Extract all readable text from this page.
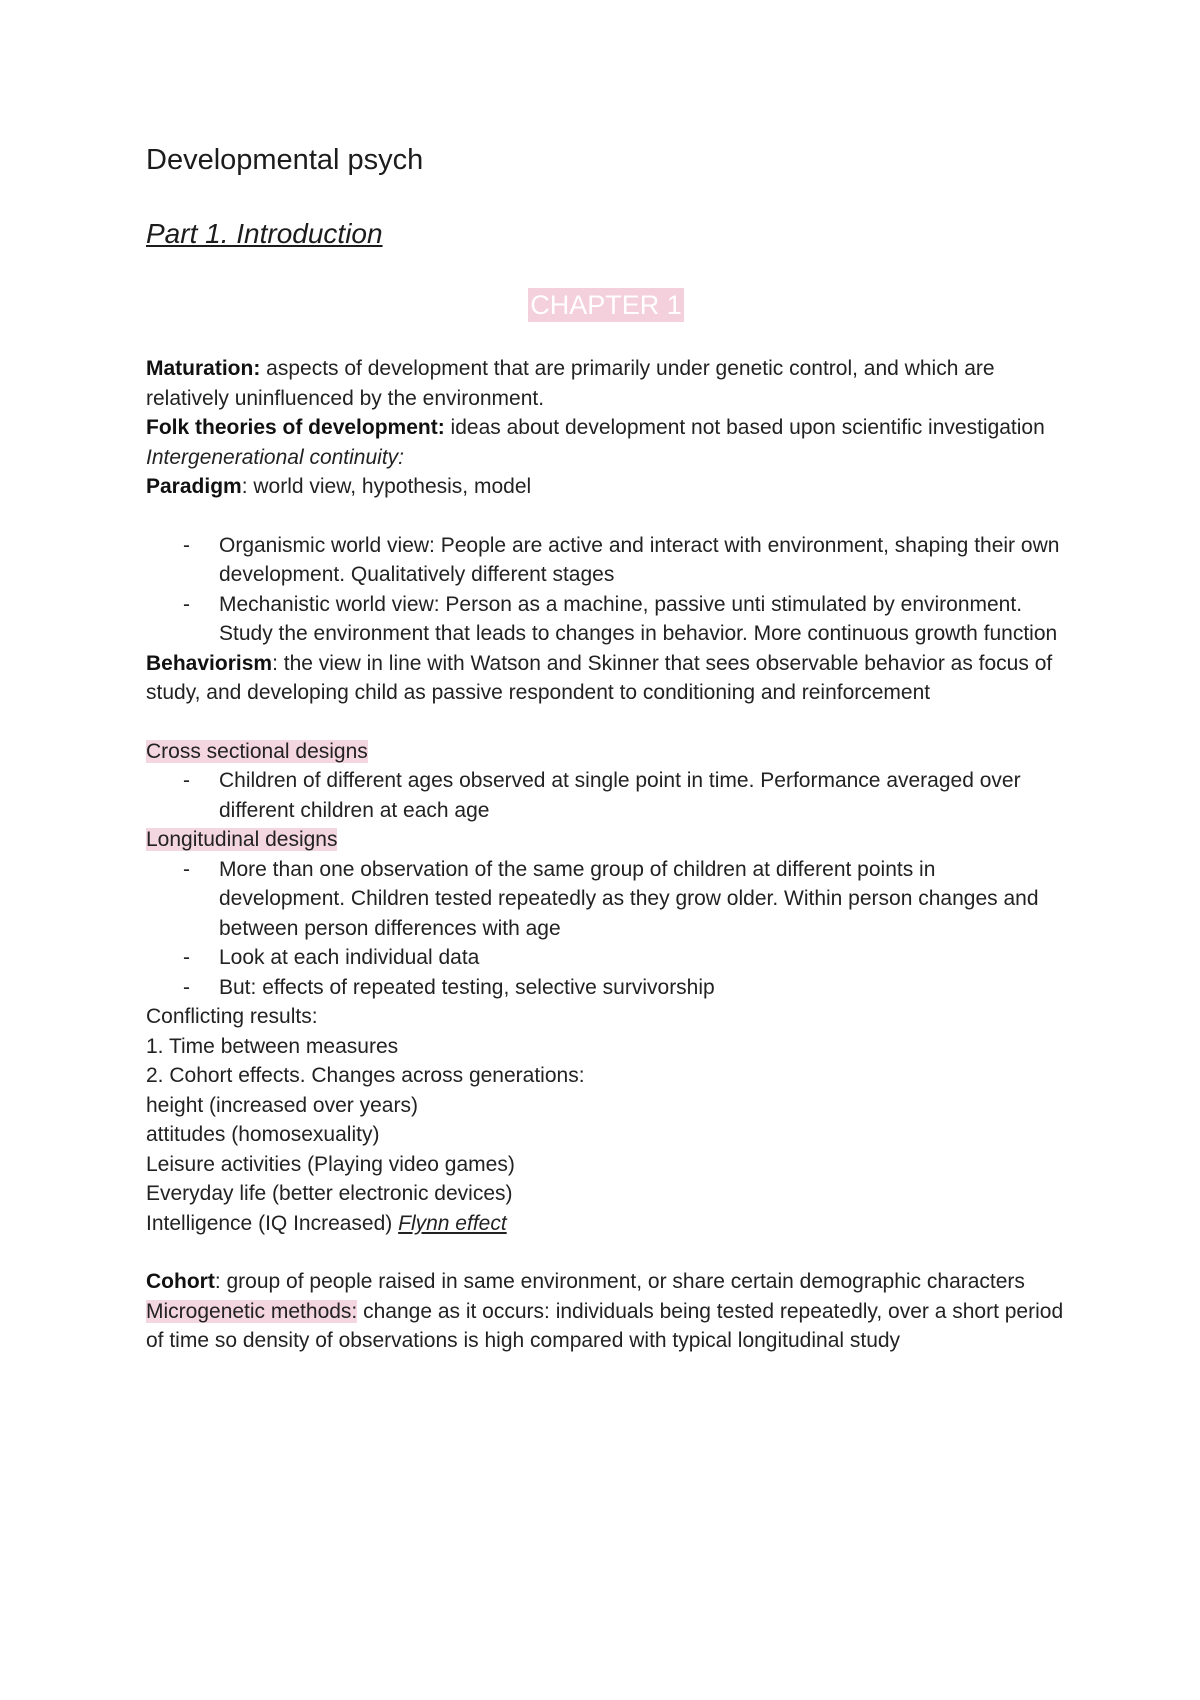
Developmental psych
Part 1. Introduction
CHAPTER 1

Maturation: aspects of development that are primarily under genetic control, and which are relatively uninfluenced by the environment.

Folk theories of development: ideas about development not based upon scientific investigation

Intergenerational continuity:

Paradigm: world view, hypothesis, model

- Organismic world view: People are active and interact with environment, shaping their own development. Qualitatively different stages
- Mechanistic world view: Person as a machine, passive unti stimulated by environment. Study the environment that leads to changes in behavior. More continuous growth function

Behaviorism: the view in line with Watson and Skinner that sees observable behavior as focus of study, and developing child as passive respondent to conditioning and reinforcement

Cross sectional designs

- Children of different ages observed at single point in time. Performance averaged over different children at each age

Longitudinal designs

- More than one observation of the same group of children at different points in development. Children tested repeatedly as they grow older. Within person changes and between person differences with age
- Look at each individual data
- But: effects of repeated testing, selective survivorship

Conflicting results:

1. Time between measures

2. Cohort effects. Changes across generations:

height (increased over years)

attitudes (homosexuality)

Leisure activities (Playing video games)

Everyday life (better electronic devices)

Intelligence (IQ Increased) Flynn effect

Cohort: group of people raised in same environment, or share certain demographic characters

Microgenetic methods: change as it occurs: individuals being tested repeatedly, over a short period of time so density of observations is high compared with typical longitudinal study
